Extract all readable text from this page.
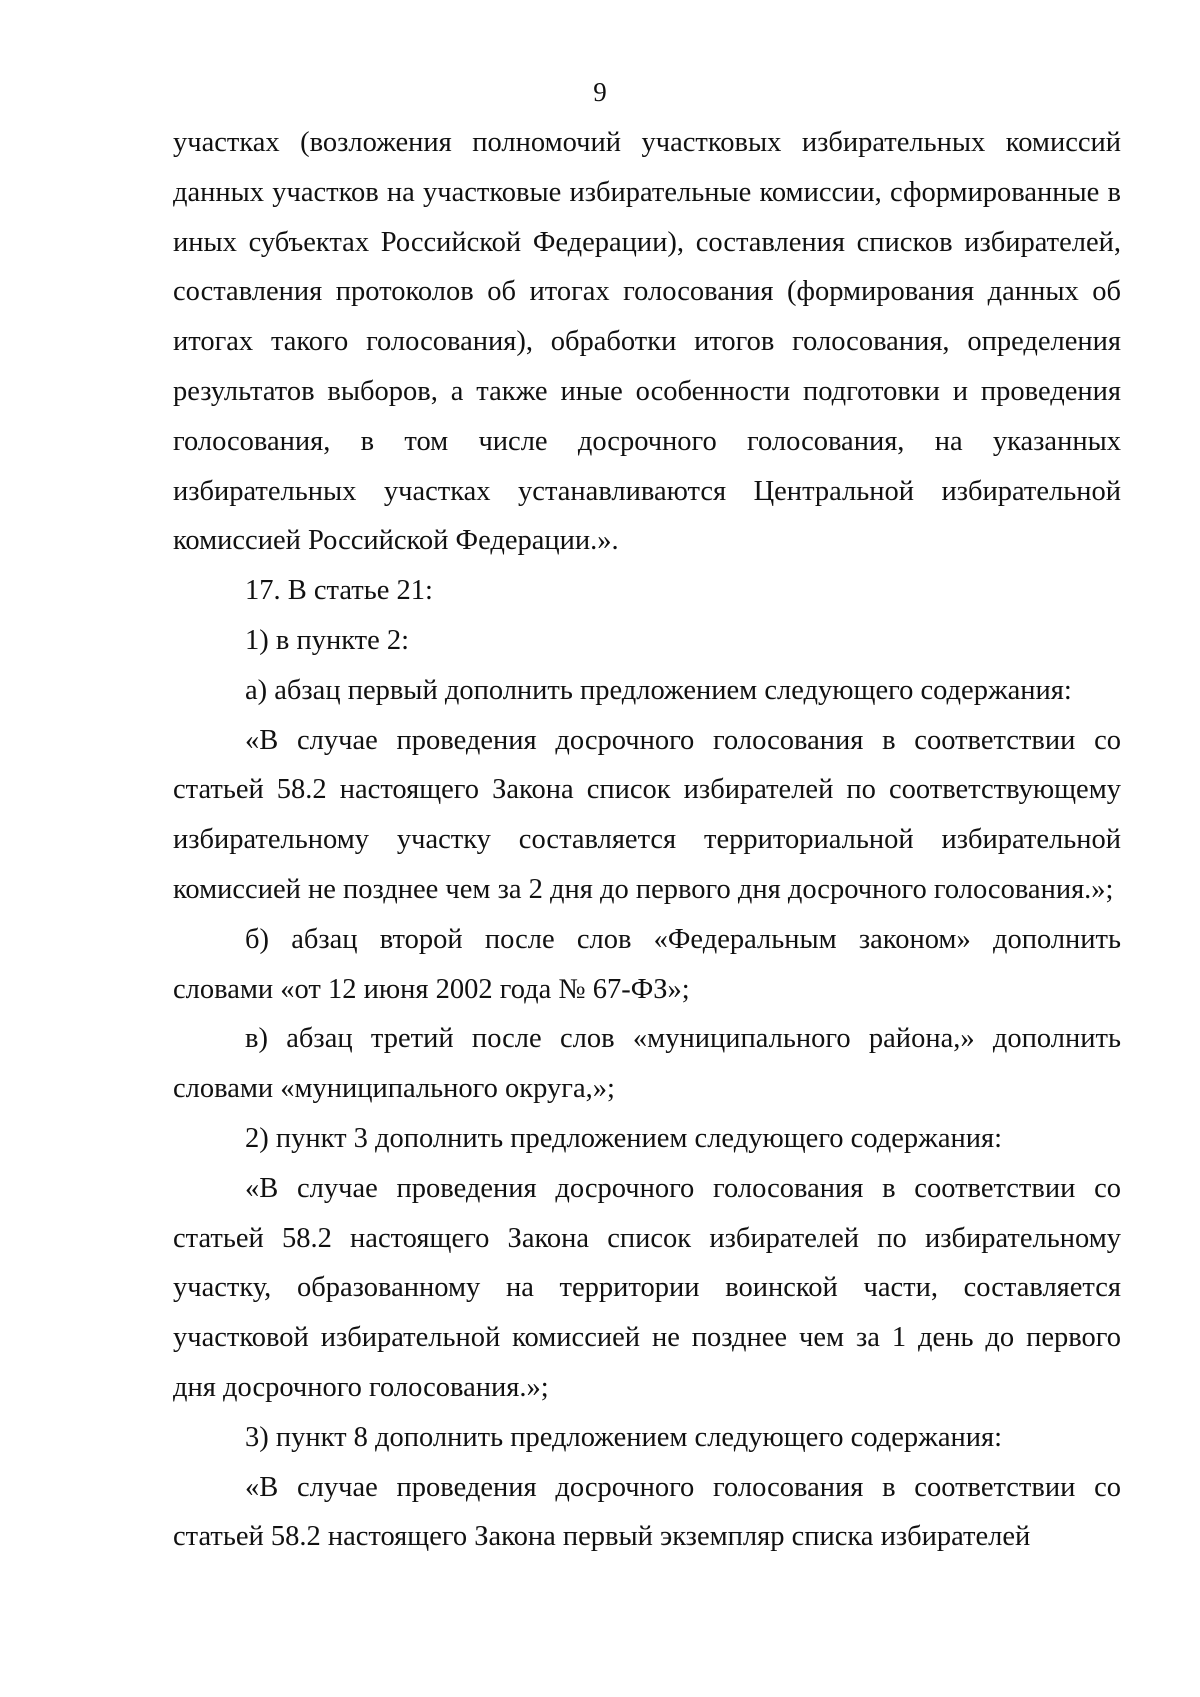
9

участках (возложения полномочий участковых избирательных комиссий данных участков на участковые избирательные комиссии, сформированные в иных субъектах Российской Федерации), составления списков избирателей, составления протоколов об итогах голосования (формирования данных об итогах такого голосования), обработки итогов голосования, определения результатов выборов, а также иные особенности подготовки и проведения голосования, в том числе досрочного голосования, на указанных избирательных участках устанавливаются Центральной избирательной комиссией Российской Федерации.».

17. В статье 21:

1) в пункте 2:

а) абзац первый дополнить предложением следующего содержания:

«В случае проведения досрочного голосования в соответствии со статьей 58.2 настоящего Закона список избирателей по соответствующему избирательному участку составляется территориальной избирательной комиссией не позднее чем за 2 дня до первого дня досрочного голосования.»;

б) абзац второй после слов «Федеральным законом» дополнить словами «от 12 июня 2002 года № 67-ФЗ»;

в) абзац третий после слов «муниципального района,» дополнить словами «муниципального округа,»;

2) пункт 3 дополнить предложением следующего содержания:

«В случае проведения досрочного голосования в соответствии со статьей 58.2 настоящего Закона список избирателей по избирательному участку, образованному на территории воинской части, составляется участковой избирательной комиссией не позднее чем за 1 день до первого дня досрочного голосования.»;

3) пункт 8 дополнить предложением следующего содержания:

«В случае проведения досрочного голосования в соответствии со статьей 58.2 настоящего Закона первый экземпляр списка избирателей
